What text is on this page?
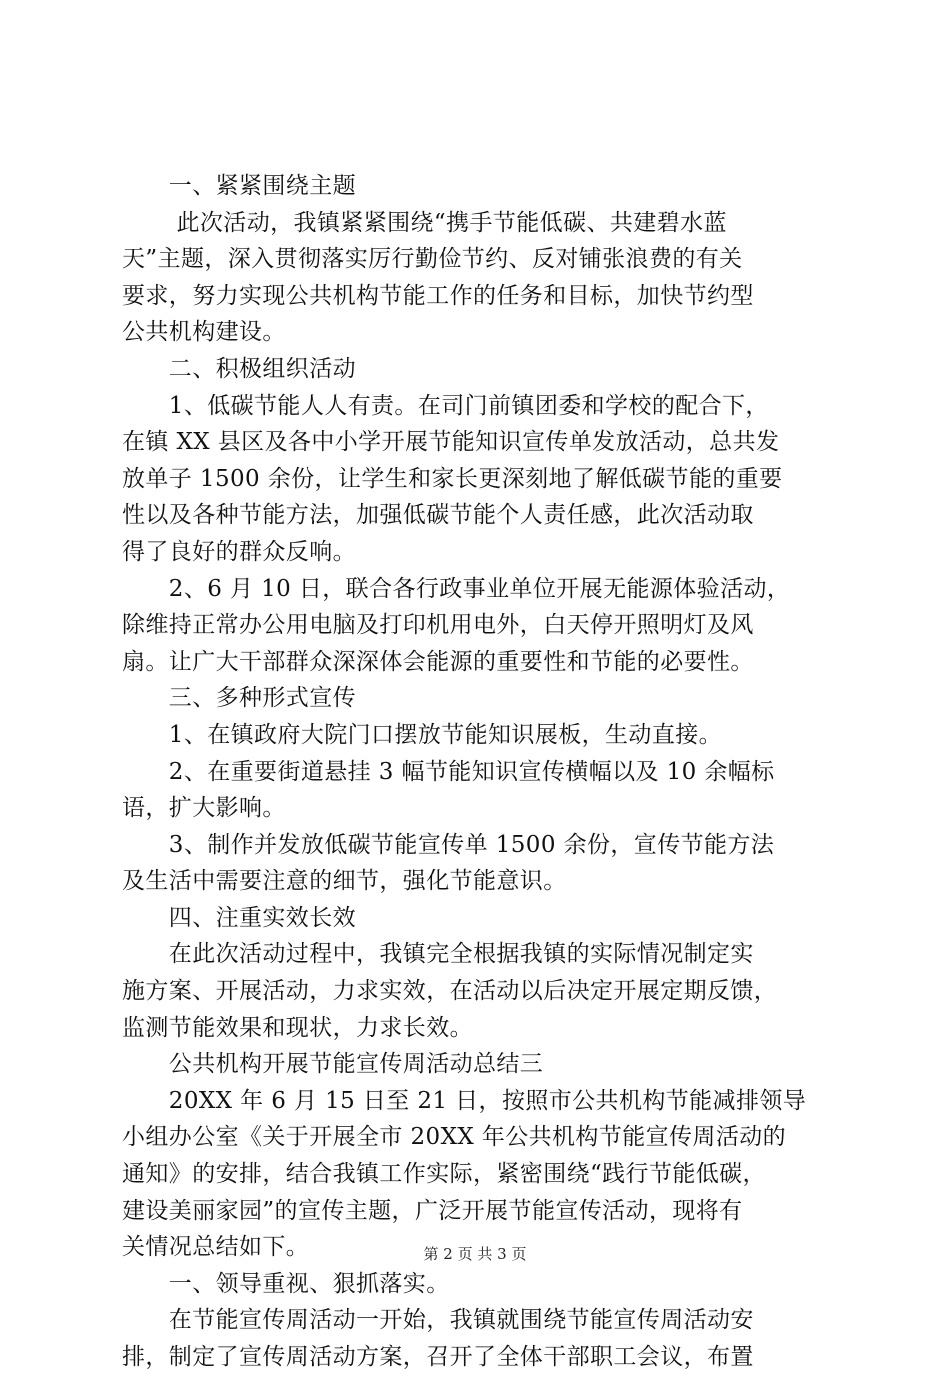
　　一、紧紧围绕主题
　　 此次活动，我镇紧紧围绕“携手节能低碳、共建碧水蓝
天”主题，深入贯彻落实厉行勤俭节约、反对铺张浪费的有关
要求，努力实现公共机构节能工作的任务和目标，加快节约型
公共机构建设。
　　二、积极组织活动
　　1、低碳节能人人有责。在司门前镇团委和学校的配合下，
在镇 XX 县区及各中小学开展节能知识宣传单发放活动，总共发
放单子 1500 余份，让学生和家长更深刻地了解低碳节能的重要
性以及各种节能方法，加强低碳节能个人责任感，此次活动取
得了良好的群众反响。
　　2、6 月 10 日，联合各行政事业单位开展无能源体验活动，
除维持正常办公用电脑及打印机用电外，白天停开照明灯及风
扇。让广大干部群众深深体会能源的重要性和节能的必要性。
　　三、多种形式宣传
　　1、在镇政府大院门口摆放节能知识展板，生动直接。
　　2、在重要街道悬挂 3 幅节能知识宣传横幅以及 10 余幅标
语，扩大影响。
　　3、制作并发放低碳节能宣传单 1500 余份，宣传节能方法
及生活中需要注意的细节，强化节能意识。
　　四、注重实效长效
　　在此次活动过程中，我镇完全根据我镇的实际情况制定实
施方案、开展活动，力求实效，在活动以后决定开展定期反馈，
监测节能效果和现状，力求长效。
　　公共机构开展节能宣传周活动总结三
　　20XX 年 6 月 15 日至 21 日，按照市公共机构节能减排领导
小组办公室《关于开展全市 20XX 年公共机构节能宣传周活动的
通知》的安排，结合我镇工作实际，紧密围绕“践行节能低碳，
建设美丽家园”的宣传主题，广泛开展节能宣传活动，现将有
关情况总结如下。
　　一、领导重视、狠抓落实。
　　在节能宣传周活动一开始，我镇就围绕节能宣传周活动安
排，制定了宣传周活动方案，召开了全体干部职工会议，布置
第 2 页 共 3 页
